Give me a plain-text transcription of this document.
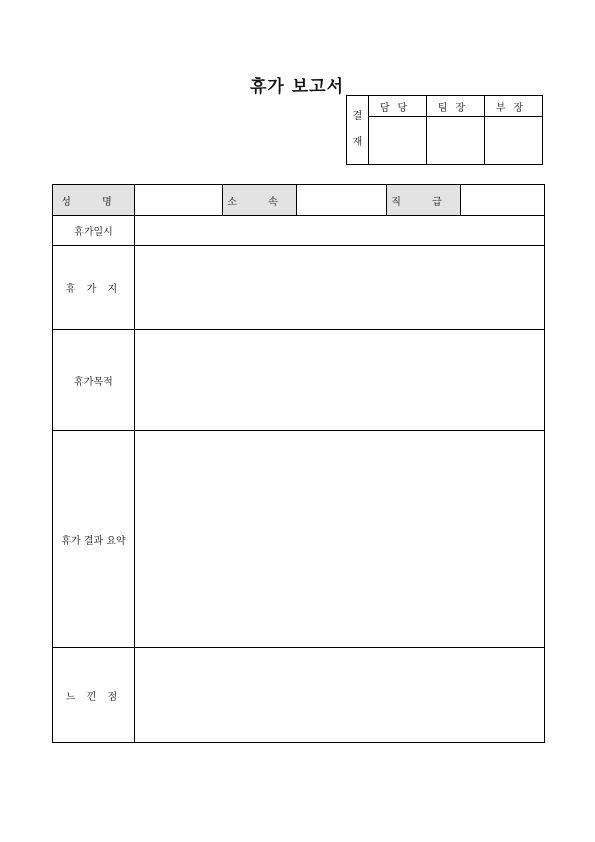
휴가 보고서
결
재	담당	팀장	부장

성 명		소 속		직 급	
휴가일시					
휴 가 지					
휴가목적					
휴가 결과 요약					
느 낀 점					
